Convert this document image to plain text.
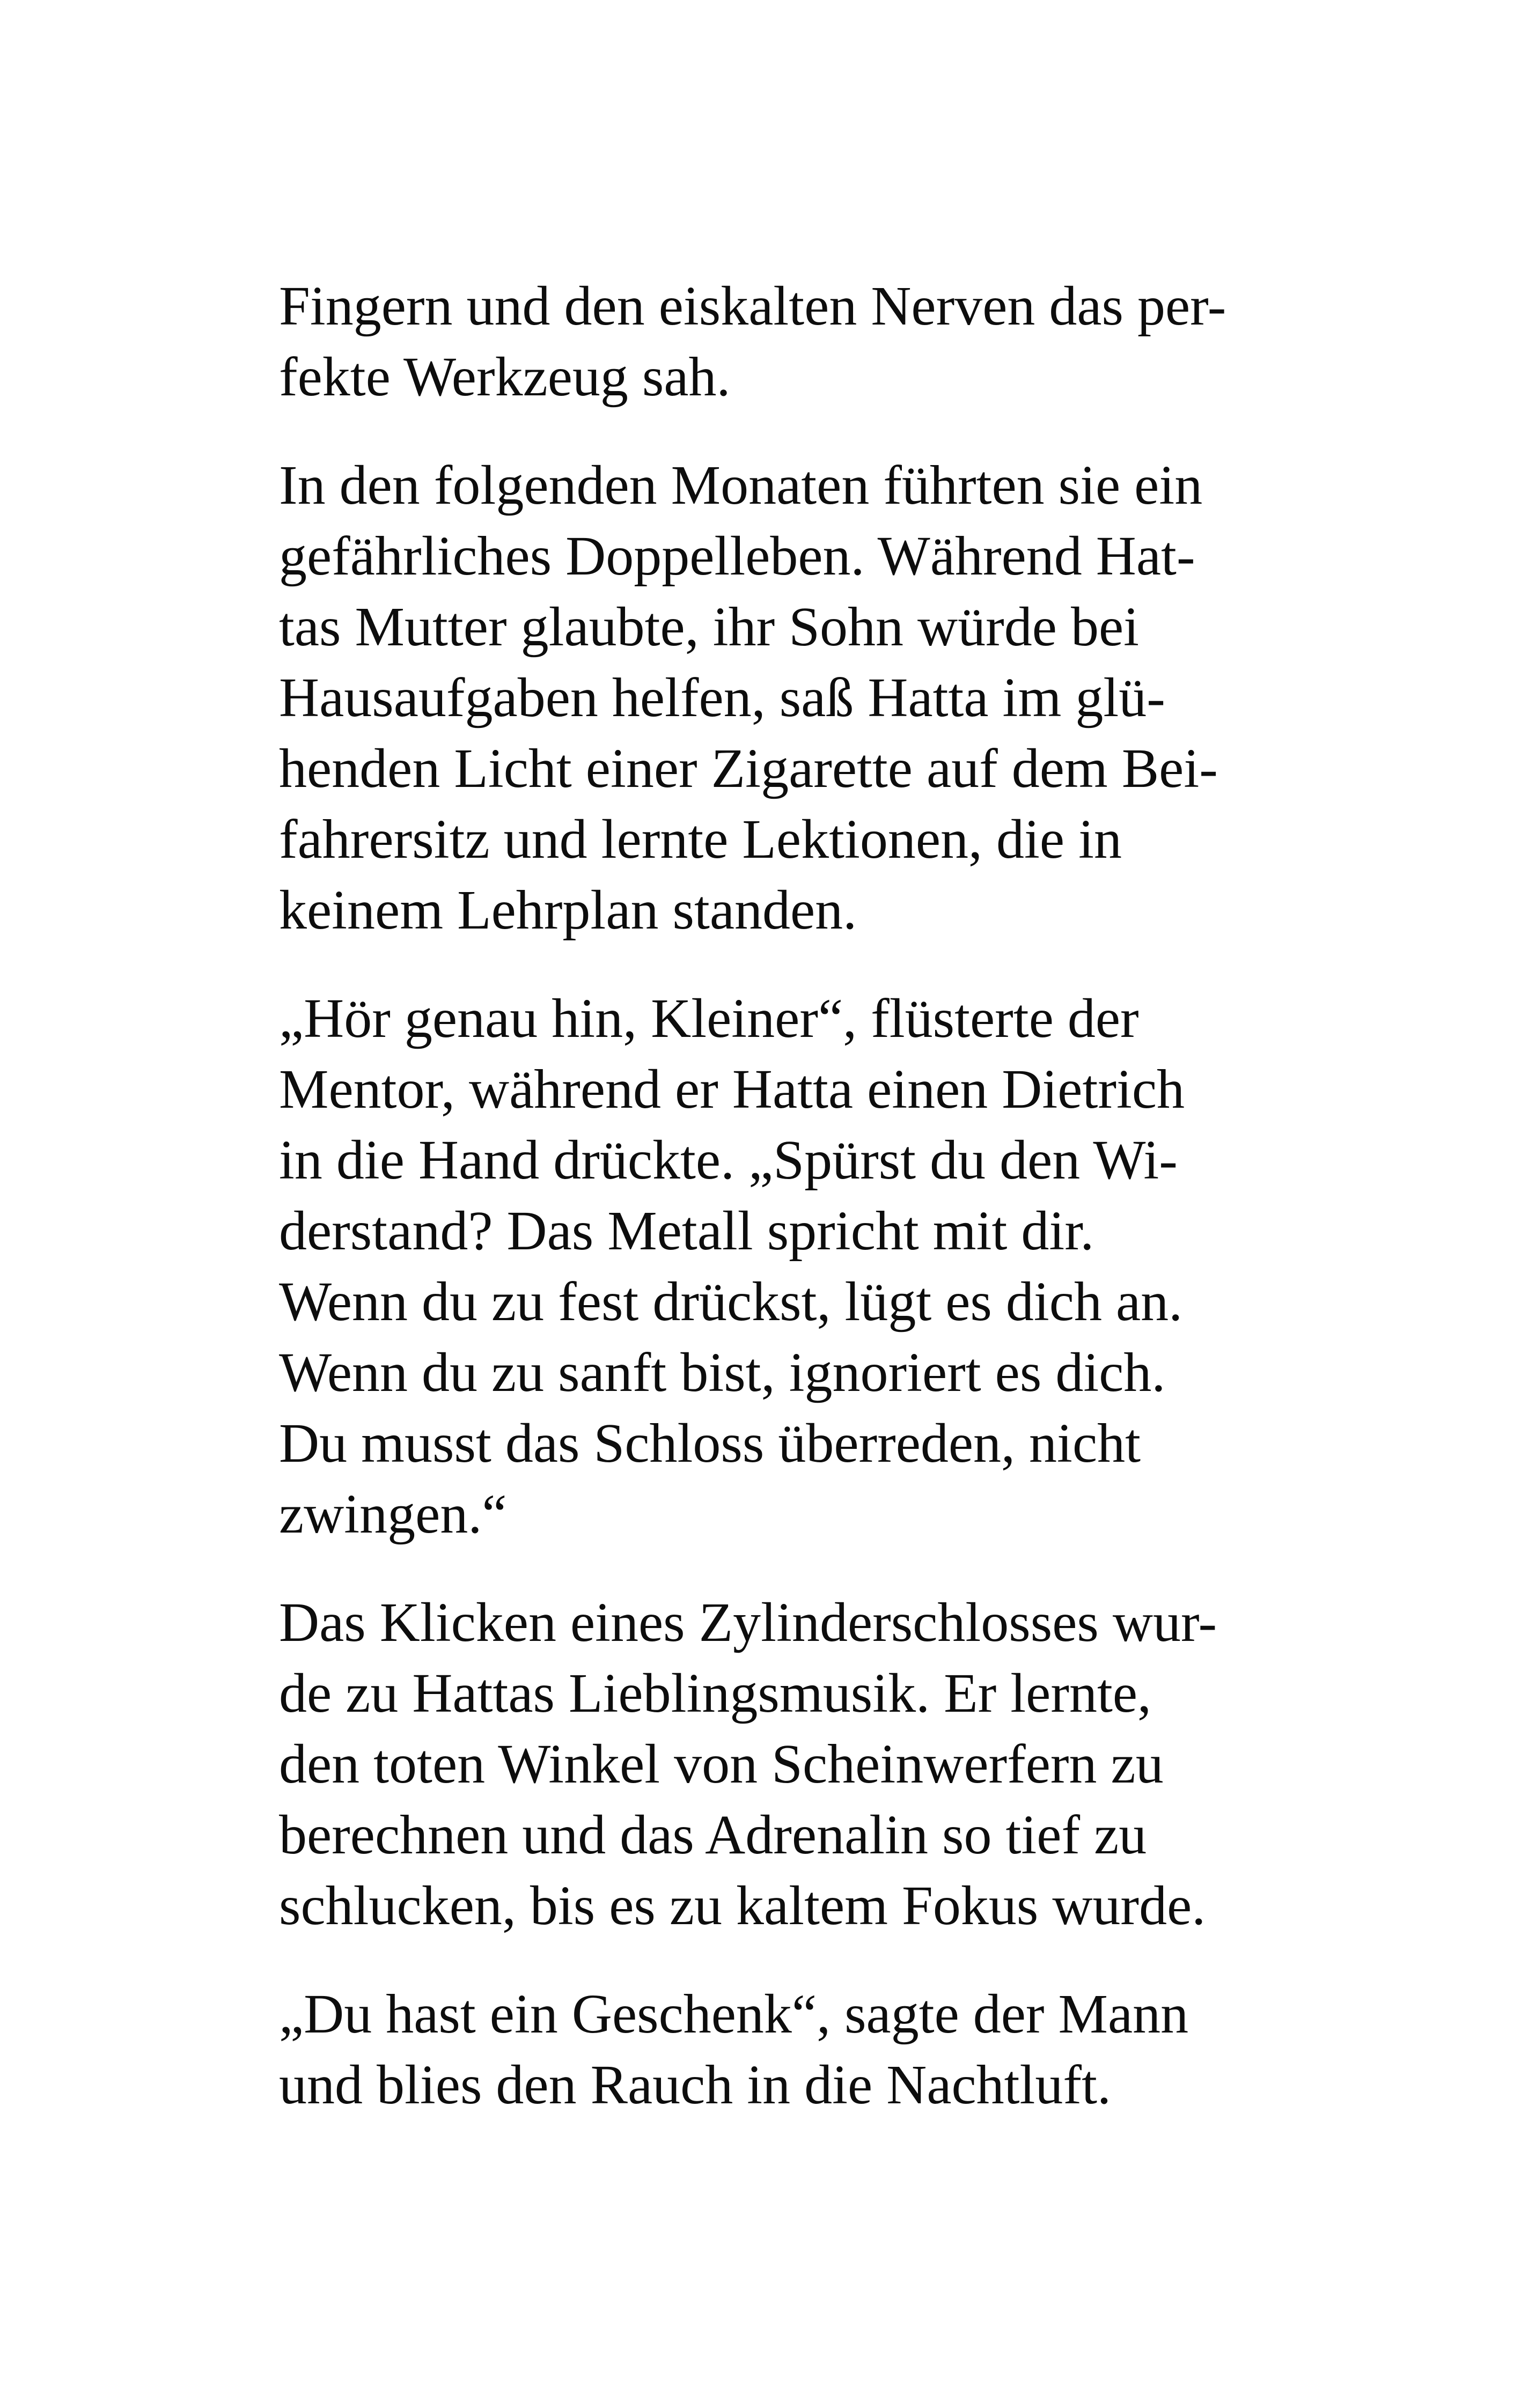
Fingern und den eiskalten Nerven das per-
fekte Werkzeug sah.

In den folgenden Monaten führten sie ein
gefährliches Doppelleben. Während Hat-
tas Mutter glaubte, ihr Sohn würde bei
Hausaufgaben helfen, saß Hatta im glü-
henden Licht einer Zigarette auf dem Bei-
fahrersitz und lernte Lektionen, die in
keinem Lehrplan standen.

„Hör genau hin, Kleiner“, flüsterte der
Mentor, während er Hatta einen Dietrich
in die Hand drückte. „Spürst du den Wi-
derstand? Das Metall spricht mit dir.
Wenn du zu fest drückst, lügt es dich an.
Wenn du zu sanft bist, ignoriert es dich.
Du musst das Schloss überreden, nicht
zwingen.“

Das Klicken eines Zylinderschlosses wur-
de zu Hattas Lieblingsmusik. Er lernte,
den toten Winkel von Scheinwerfern zu
berechnen und das Adrenalin so tief zu
schlucken, bis es zu kaltem Fokus wurde.

„Du hast ein Geschenk“, sagte der Mann
und blies den Rauch in die Nachtluft.
